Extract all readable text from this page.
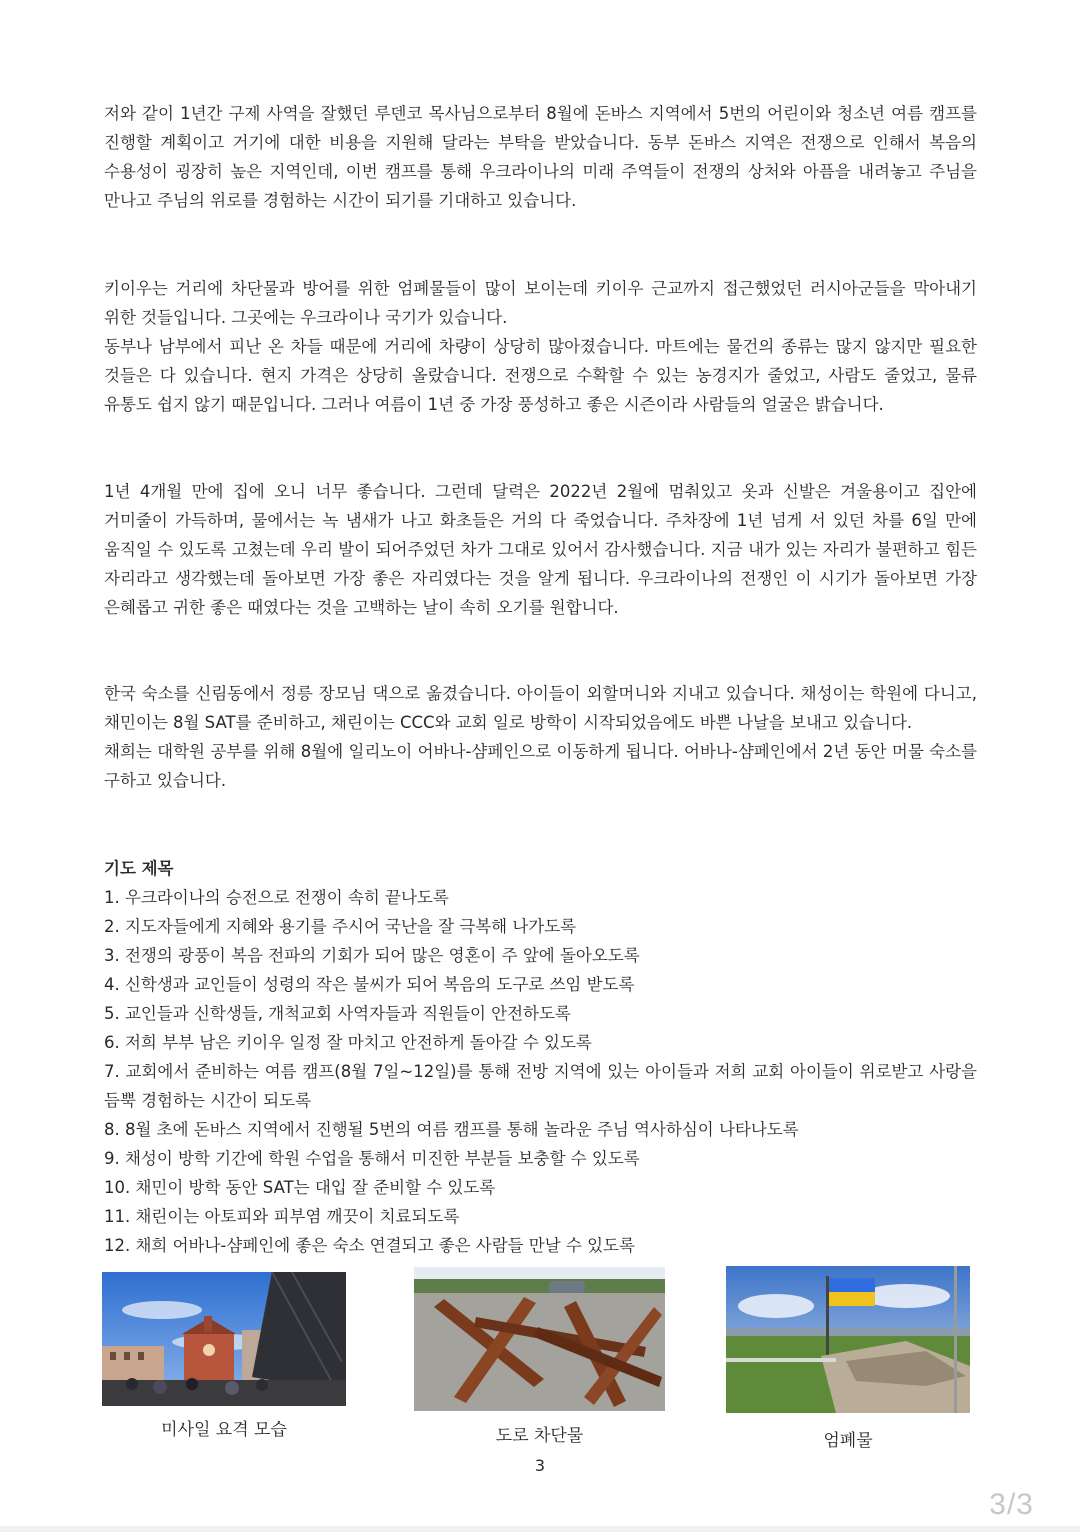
저와 같이 1년간 구제 사역을 잘했던 루덴코 목사님으로부터 8월에 돈바스 지역에서 5번의 어린이와 청소년 여름 캠프를 진행할 계획이고 거기에 대한 비용을 지원해 달라는 부탁을 받았습니다. 동부 돈바스 지역은 전쟁으로 인해서 복음의 수용성이 굉장히 높은 지역인데, 이번 캠프를 통해 우크라이나의 미래 주역들이 전쟁의 상처와 아픔을 내려놓고 주님을 만나고 주님의 위로를 경험하는 시간이 되기를 기대하고 있습니다.

키이우는 거리에 차단물과 방어를 위한 엄폐물들이 많이 보이는데 키이우 근교까지 접근했었던 러시아군들을 막아내기 위한 것들입니다. 그곳에는 우크라이나 국기가 있습니다.

동부나 남부에서 피난 온 차들 때문에 거리에 차량이 상당히 많아졌습니다. 마트에는 물건의 종류는 많지 않지만 필요한 것들은 다 있습니다. 현지 가격은 상당히 올랐습니다. 전쟁으로 수확할 수 있는 농경지가 줄었고, 사람도 줄었고, 물류 유통도 쉽지 않기 때문입니다. 그러나 여름이 1년 중 가장 풍성하고 좋은 시즌이라 사람들의 얼굴은 밝습니다.

1년 4개월 만에 집에 오니 너무 좋습니다. 그런데 달력은 2022년 2월에 멈춰있고 옷과 신발은 겨울용이고 집안에 거미줄이 가득하며, 물에서는 녹 냄새가 나고 화초들은 거의 다 죽었습니다. 주차장에 1년 넘게 서 있던 차를 6일 만에 움직일 수 있도록 고쳤는데 우리 발이 되어주었던 차가 그대로 있어서 감사했습니다. 지금 내가 있는 자리가 불편하고 힘든 자리라고 생각했는데 돌아보면 가장 좋은 자리였다는 것을 알게 됩니다. 우크라이나의 전쟁인 이 시기가 돌아보면 가장 은혜롭고 귀한 좋은 때였다는 것을 고백하는 날이 속히 오기를 원합니다.

한국 숙소를 신림동에서 정릉 장모님 댁으로 옮겼습니다. 아이들이 외할머니와 지내고 있습니다. 채성이는 학원에 다니고, 채민이는 8월 SAT를 준비하고, 채린이는 CCC와 교회 일로 방학이 시작되었음에도 바쁜 나날을 보내고 있습니다.

채희는 대학원 공부를 위해 8월에 일리노이 어바나-샴페인으로 이동하게 됩니다. 어바나-샴페인에서 2년 동안 머물 숙소를 구하고 있습니다.

기도 제목

1. 우크라이나의 승전으로 전쟁이 속히 끝나도록
2. 지도자들에게 지혜와 용기를 주시어 국난을 잘 극복해 나가도록
3. 전쟁의 광풍이 복음 전파의 기회가 되어 많은 영혼이 주 앞에 돌아오도록
4. 신학생과 교인들이 성령의 작은 불씨가 되어 복음의 도구로 쓰임 받도록
5. 교인들과 신학생들, 개척교회 사역자들과 직원들이 안전하도록
6. 저희 부부 남은 키이우 일정 잘 마치고 안전하게 돌아갈 수 있도록
7. 교회에서 준비하는 여름 캠프(8월 7일~12일)를 통해 전방 지역에 있는 아이들과 저희 교회 아이들이 위로받고 사랑을 듬뿍 경험하는 시간이 되도록
8. 8월 초에 돈바스 지역에서 진행될 5번의 여름 캠프를 통해 놀라운 주님 역사하심이 나타나도록
9. 채성이 방학 기간에 학원 수업을 통해서 미진한 부분들 보충할 수 있도록
10. 채민이 방학 동안 SAT는 대입 잘 준비할 수 있도록
11. 채린이는 아토피와 피부염 깨끗이 치료되도록
12. 채희 어바나-샴페인에 좋은 숙소 연결되고 좋은 사람들 만날 수 있도록
미사일 요격 모습	도로 차단물	엄폐물
3
3/3
